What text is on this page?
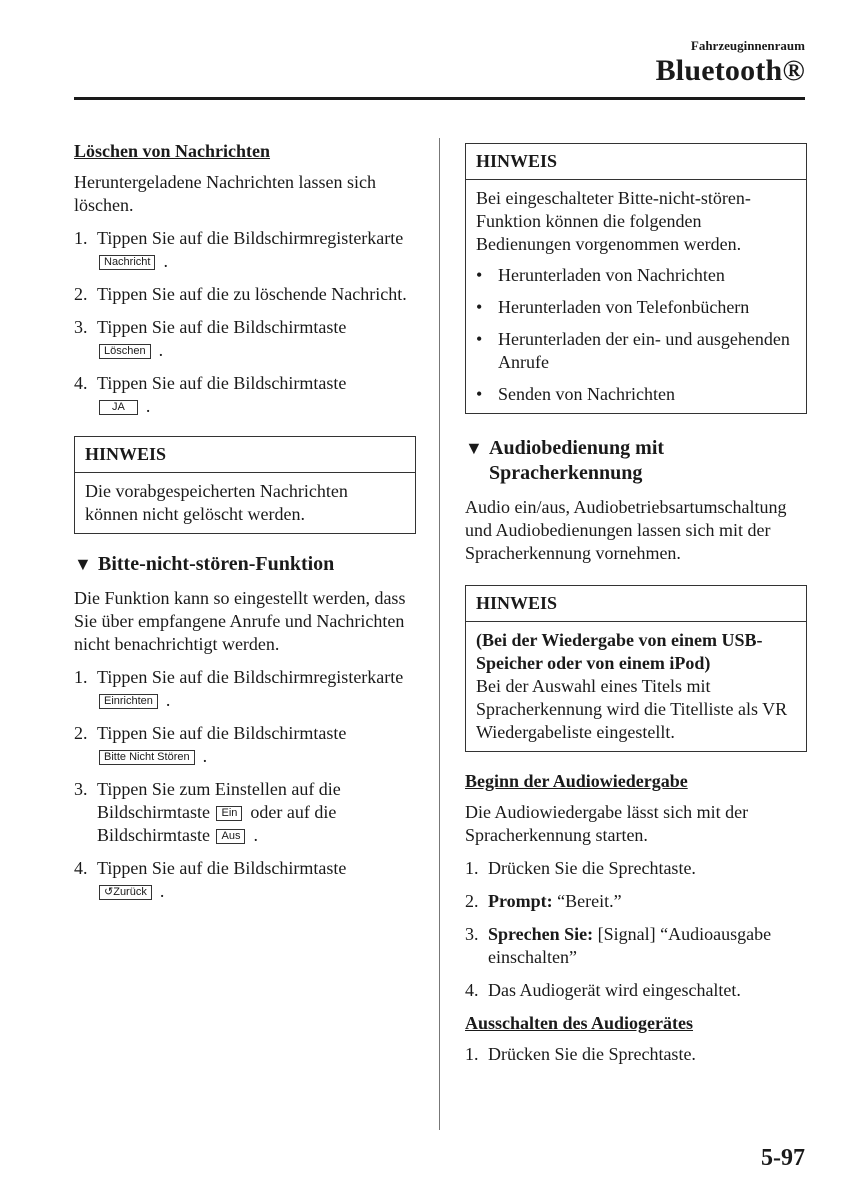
Fahrzeuginnenraum
Bluetooth®
Löschen von Nachrichten
Heruntergeladene Nachrichten lassen sich löschen.
1. Tippen Sie auf die Bildschirmregisterkarte Nachricht .
2. Tippen Sie auf die zu löschende Nachricht.
3. Tippen Sie auf die Bildschirmtaste
Löschen .
4. Tippen Sie auf die Bildschirmtaste
JA .
HINWEIS
Die vorabgespeicherten Nachrichten können nicht gelöscht werden.
▼ Bitte-nicht-stören-Funktion
Die Funktion kann so eingestellt werden, dass Sie über empfangene Anrufe und Nachrichten nicht benachrichtigt werden.
1. Tippen Sie auf die Bildschirmregisterkarte Einrichten .
2. Tippen Sie auf die Bildschirmtaste
Bitte Nicht Stören .
3. Tippen Sie zum Einstellen auf die Bildschirmtaste Ein oder auf die Bildschirmtaste Aus .
4. Tippen Sie auf die Bildschirmtaste
↺Zurück .
HINWEIS
Bei eingeschalteter Bitte-nicht-stören-Funktion können die folgenden Bedienungen vorgenommen werden.
• Herunterladen von Nachrichten
• Herunterladen von Telefonbüchern
• Herunterladen der ein- und ausgehenden Anrufe
• Senden von Nachrichten
▼ Audiobedienung mit Spracherkennung
Audio ein/aus, Audiobetriebsartumschaltung und Audiobedienungen lassen sich mit der Spracherkennung vornehmen.
HINWEIS
(Bei der Wiedergabe von einem USB-Speicher oder von einem iPod)
Bei der Auswahl eines Titels mit Spracherkennung wird die Titelliste als VR Wiedergabeliste eingestellt.
Beginn der Audiowiedergabe
Die Audiowiedergabe lässt sich mit der Spracherkennung starten.
1. Drücken Sie die Sprechtaste.
2. Prompt: “Bereit.”
3. Sprechen Sie: [Signal] “Audioausgabe einschalten”
4. Das Audiogerät wird eingeschaltet.
Ausschalten des Audiogerätes
1. Drücken Sie die Sprechtaste.
5-97
